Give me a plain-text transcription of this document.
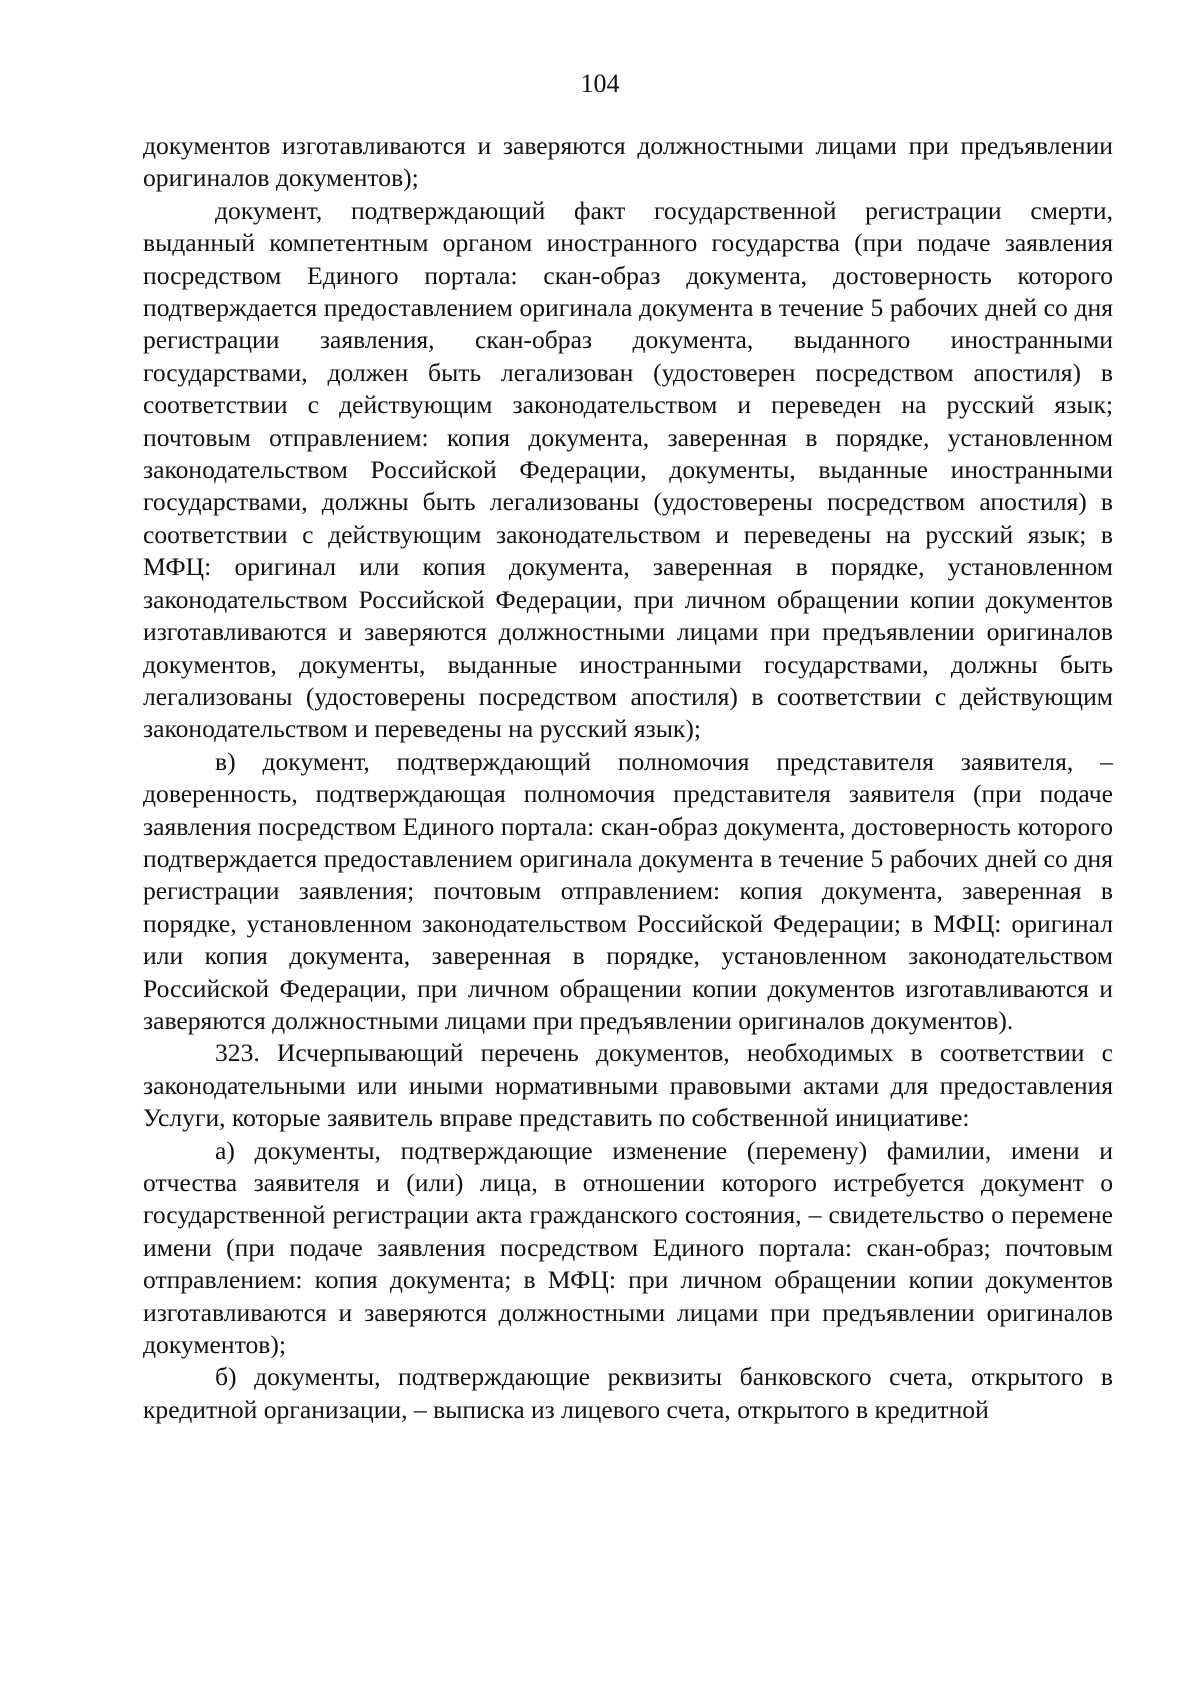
104

документов изготавливаются и заверяются должностными лицами при предъявлении оригиналов документов);

документ, подтверждающий факт государственной регистрации смерти, выданный компетентным органом иностранного государства (при подаче заявления посредством Единого портала: скан-образ документа, достоверность которого подтверждается предоставлением оригинала документа в течение 5 рабочих дней со дня регистрации заявления, скан-образ документа, выданного иностранными государствами, должен быть легализован (удостоверен посредством апостиля) в соответствии с действующим законодательством и переведен на русский язык; почтовым отправлением: копия документа, заверенная в порядке, установленном законодательством Российской Федерации, документы, выданные иностранными государствами, должны быть легализованы (удостоверены посредством апостиля) в соответствии с действующим законодательством и переведены на русский язык; в МФЦ: оригинал или копия документа, заверенная в порядке, установленном законодательством Российской Федерации, при личном обращении копии документов изготавливаются и заверяются должностными лицами при предъявлении оригиналов документов, документы, выданные иностранными государствами, должны быть легализованы (удостоверены посредством апостиля) в соответствии с действующим законодательством и переведены на русский язык);

в) документ, подтверждающий полномочия представителя заявителя, – доверенность, подтверждающая полномочия представителя заявителя (при подаче заявления посредством Единого портала: скан-образ документа, достоверность которого подтверждается предоставлением оригинала документа в течение 5 рабочих дней со дня регистрации заявления; почтовым отправлением: копия документа, заверенная в порядке, установленном законодательством Российской Федерации; в МФЦ: оригинал или копия документа, заверенная в порядке, установленном законодательством Российской Федерации, при личном обращении копии документов изготавливаются и заверяются должностными лицами при предъявлении оригиналов документов).

323. Исчерпывающий перечень документов, необходимых в соответствии с законодательными или иными нормативными правовыми актами для предоставления Услуги, которые заявитель вправе представить по собственной инициативе:

а) документы, подтверждающие изменение (перемену) фамилии, имени и отчества заявителя и (или) лица, в отношении которого истребуется документ о государственной регистрации акта гражданского состояния, – свидетельство о перемене имени (при подаче заявления посредством Единого портала: скан-образ; почтовым отправлением: копия документа; в МФЦ: при личном обращении копии документов изготавливаются и заверяются должностными лицами при предъявлении оригиналов документов);

б) документы, подтверждающие реквизиты банковского счета, открытого в кредитной организации, – выписка из лицевого счета, открытого в кредитной
